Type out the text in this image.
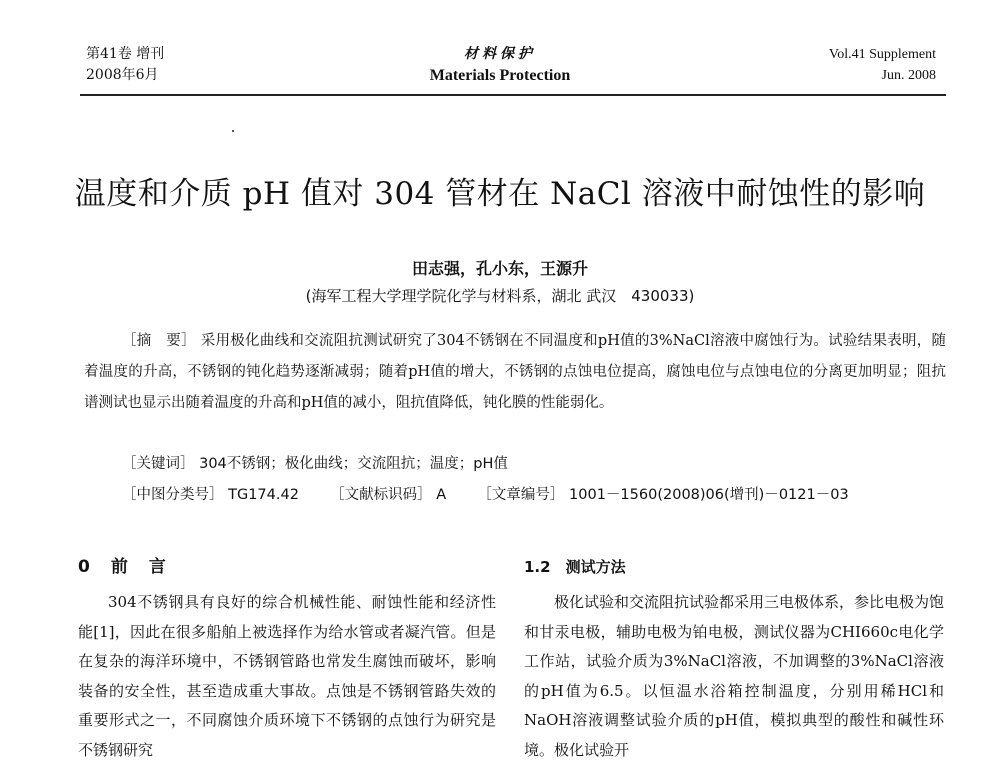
第41卷 增刊
2008年6月
材料保护
Materials Protection
Vol.41 Supplement
Jun. 2008
温度和介质 pH 值对 304 管材在 NaCl 溶液中耐蚀性的影响
田志强，孔小东，王源升
(海军工程大学理学院化学与材料系，湖北 武汉　430033)
［摘　要］ 采用极化曲线和交流阻抗测试研究了304不锈钢在不同温度和pH值的3%NaCl溶液中腐蚀行为。试验结果表明，随着温度的升高，不锈钢的钝化趋势逐渐减弱；随着pH值的增大，不锈钢的点蚀电位提高，腐蚀电位与点蚀电位的分离更加明显；阻抗谱测试也显示出随着温度的升高和pH值的减小，阻抗值降低，钝化膜的性能弱化。
［关键词］ 304不锈钢；极化曲线；交流阻抗；温度；pH值
［中图分类号］ TG174.42 ［文献标识码］ A ［文章编号］ 1001－1560(2008)06(增刊)－0121－03
0　前　言

304不锈钢具有良好的综合机械性能、耐蚀性能和经济性能[1]，因此在很多船舶上被选择作为给水管或者凝汽管。但是在复杂的海洋环境中，不锈钢管路也常发生腐蚀而破坏，影响装备的安全性，甚至造成重大事故。点蚀是不锈钢管路失效的重要形式之一，不同腐蚀介质环境下不锈钢的点蚀行为研究是不锈钢研究

1.2　测试方法

极化试验和交流阻抗试验都采用三电极体系，参比电极为饱和甘汞电极，辅助电极为铂电极，测试仪器为CHI660c电化学工作站，试验介质为3%NaCl溶液，不加调整的3%NaCl溶液的pH值为6.5。以恒温水浴箱控制温度，分别用稀HCl和NaOH溶液调整试验介质的pH值，模拟典型的酸性和碱性环境。极化试验开
